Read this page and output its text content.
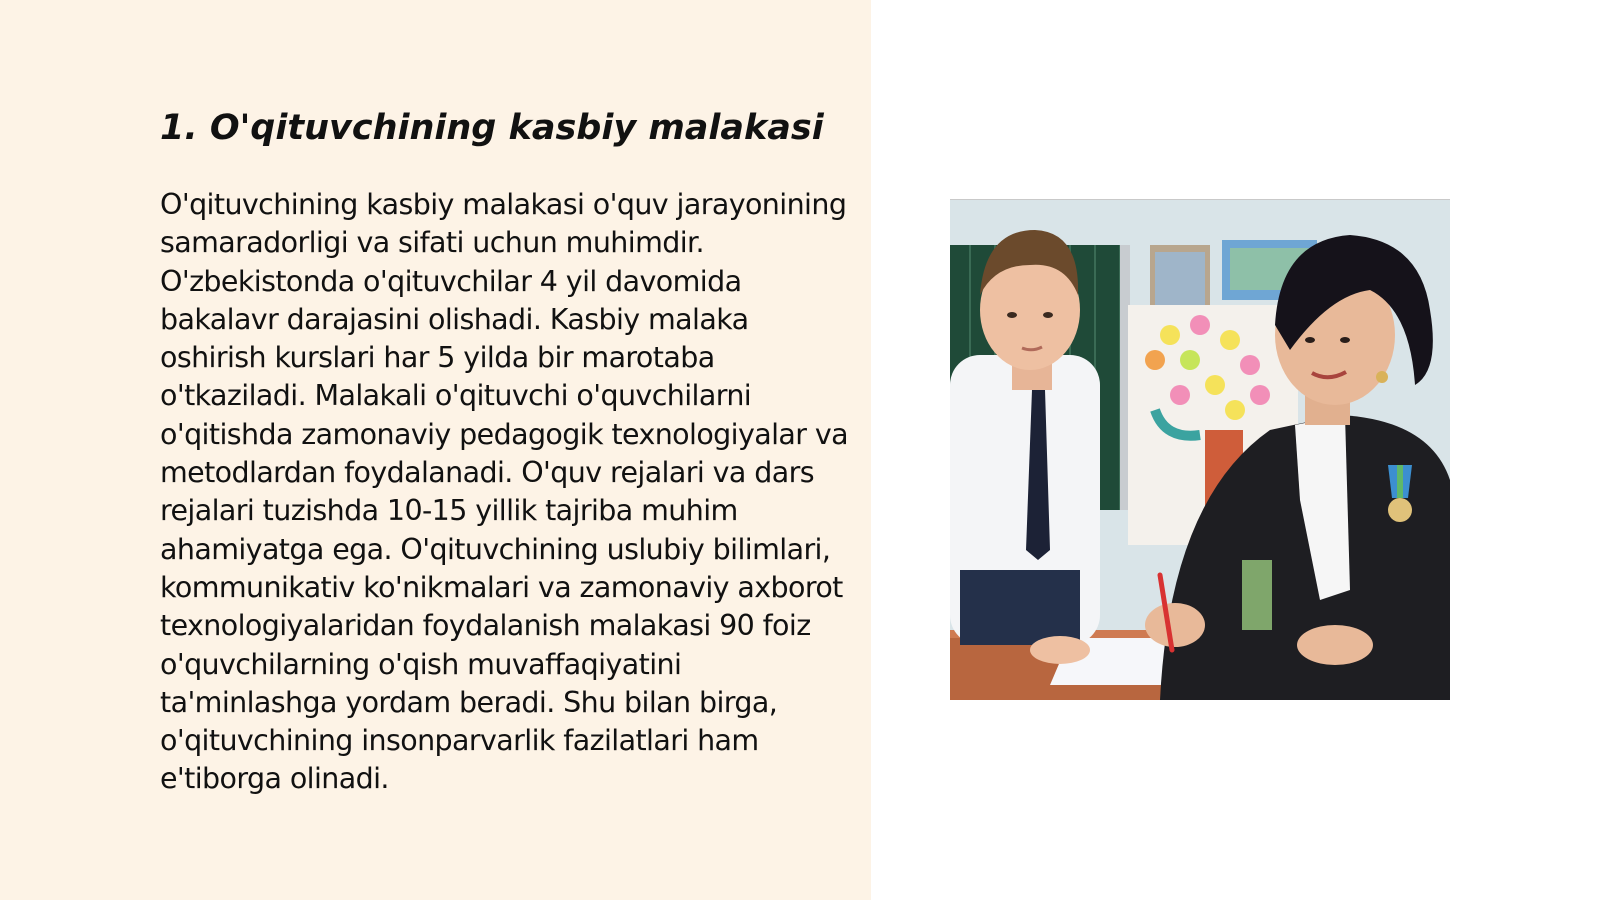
1. O'qituvchining kasbiy malakasi

O'qituvchining kasbiy malakasi o'quv jarayonining samaradorligi va sifati uchun muhimdir. O'zbekistonda o'qituvchilar 4 yil davomida bakalavr darajasini olishadi. Kasbiy malaka oshirish kurslari har 5 yilda bir marotaba o'tkaziladi. Malakali o'qituvchi o'quvchilarni o'qitishda zamonaviy pedagogik texnologiyalar va metodlardan foydalanadi. O'quv rejalari va dars rejalari tuzishda 10-15 yillik tajriba muhim ahamiyatga ega. O'qituvchining uslubiy bilimlari, kommunikativ ko'nikmalari va zamonaviy axborot texnologiyalaridan foydalanish malakasi 90 foiz o'quvchilarning o'qish muvaffaqiyatini ta'minlashga yordam beradi. Shu bilan birga, o'qituvchining insonparvarlik fazilatlari ham e'tiborga olinadi.
